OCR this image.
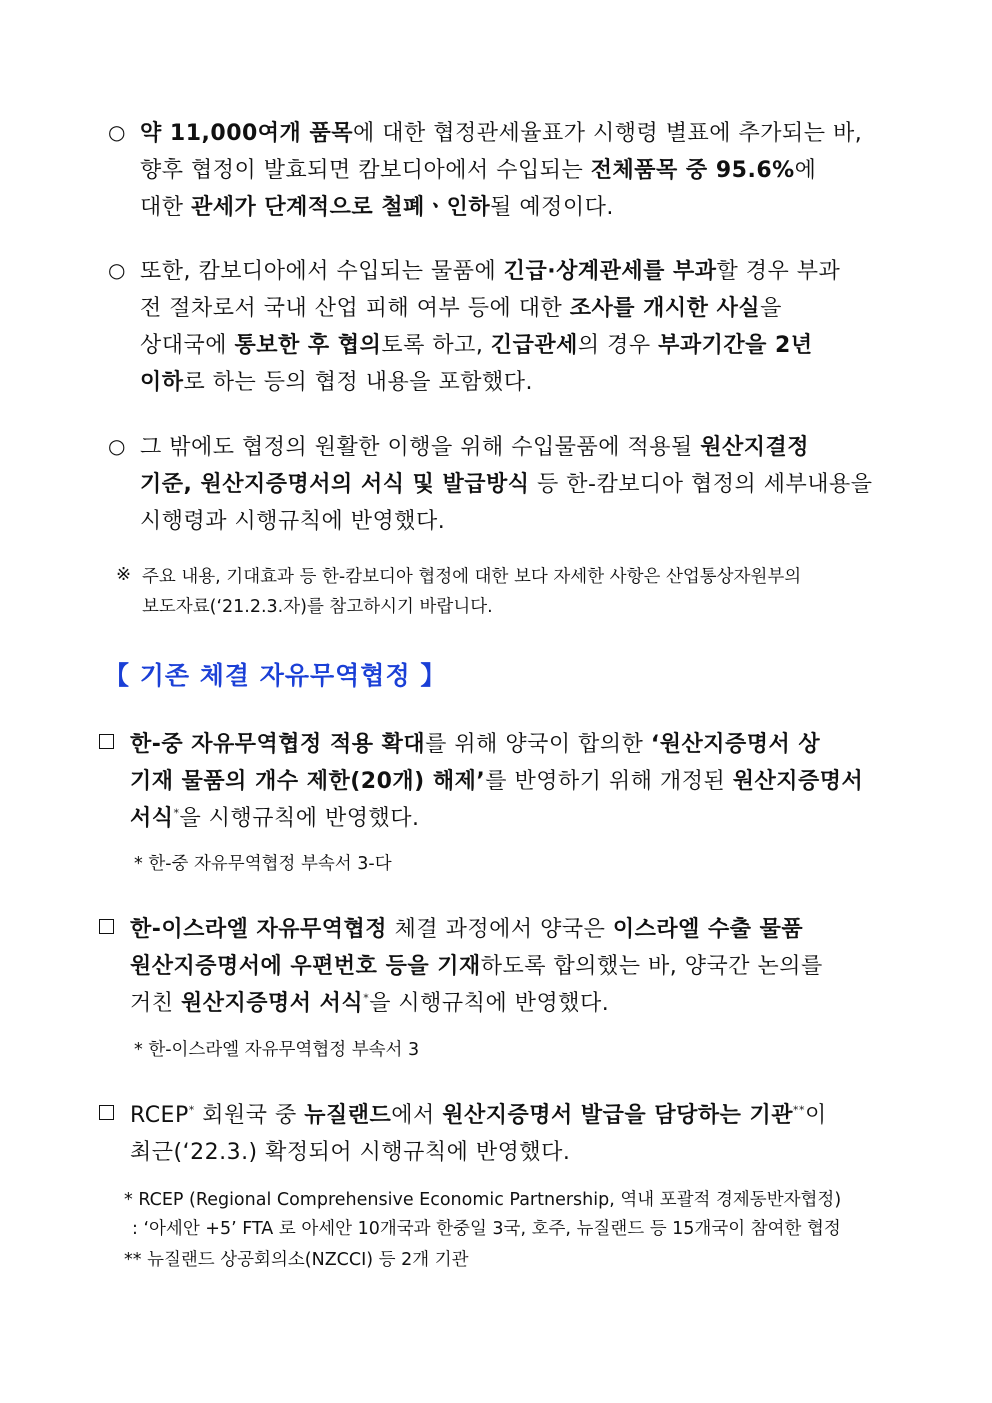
○ 약 11,000여개 품목에 대한 협정관세율표가 시행령 별표에 추가되는 바,
향후 협정이 발효되면 캄보디아에서 수입되는 전체품목 중 95.6%에
대한 관세가 단계적으로 철폐ㆍ인하될 예정이다.
○ 또한, 캄보디아에서 수입되는 물품에 긴급·상계관세를 부과할 경우 부과
전 절차로서 국내 산업 피해 여부 등에 대한 조사를 개시한 사실을
상대국에 통보한 후 협의토록 하고, 긴급관세의 경우 부과기간을 2년
이하로 하는 등의 협정 내용을 포함했다.
○ 그 밖에도 협정의 원활한 이행을 위해 수입물품에 적용될 원산지결정
기준, 원산지증명서의 서식 및 발급방식 등 한-캄보디아 협정의 세부내용을
시행령과 시행규칙에 반영했다.
※ 주요 내용, 기대효과 등 한-캄보디아 협정에 대한 보다 자세한 사항은 산업통상자원부의
보도자료(‘21.2.3.자)를 참고하시기 바랍니다.
【 기존 체결 자유무역협정 】
한-중 자유무역협정 적용 확대를 위해 양국이 합의한 ‘원산지증명서 상
기재 물품의 개수 제한(20개) 해제’를 반영하기 위해 개정된 원산지증명서
서식*을 시행규칙에 반영했다.
* 한-중 자유무역협정 부속서 3-다
한-이스라엘 자유무역협정 체결 과정에서 양국은 이스라엘 수출 물품
원산지증명서에 우편번호 등을 기재하도록 합의했는 바, 양국간 논의를
거친 원산지증명서 서식*을 시행규칙에 반영했다.
* 한-이스라엘 자유무역협정 부속서 3
RCEP* 회원국 중 뉴질랜드에서 원산지증명서 발급을 담당하는 기관**이
최근(‘22.3.) 확정되어 시행규칙에 반영했다.
* RCEP (Regional Comprehensive Economic Partnership, 역내 포괄적 경제동반자협정)
: ‘아세안 +5’ FTA 로 아세안 10개국과 한중일 3국, 호주, 뉴질랜드 등 15개국이 참여한 협정
** 뉴질랜드 상공회의소(NZCCI) 등 2개 기관
